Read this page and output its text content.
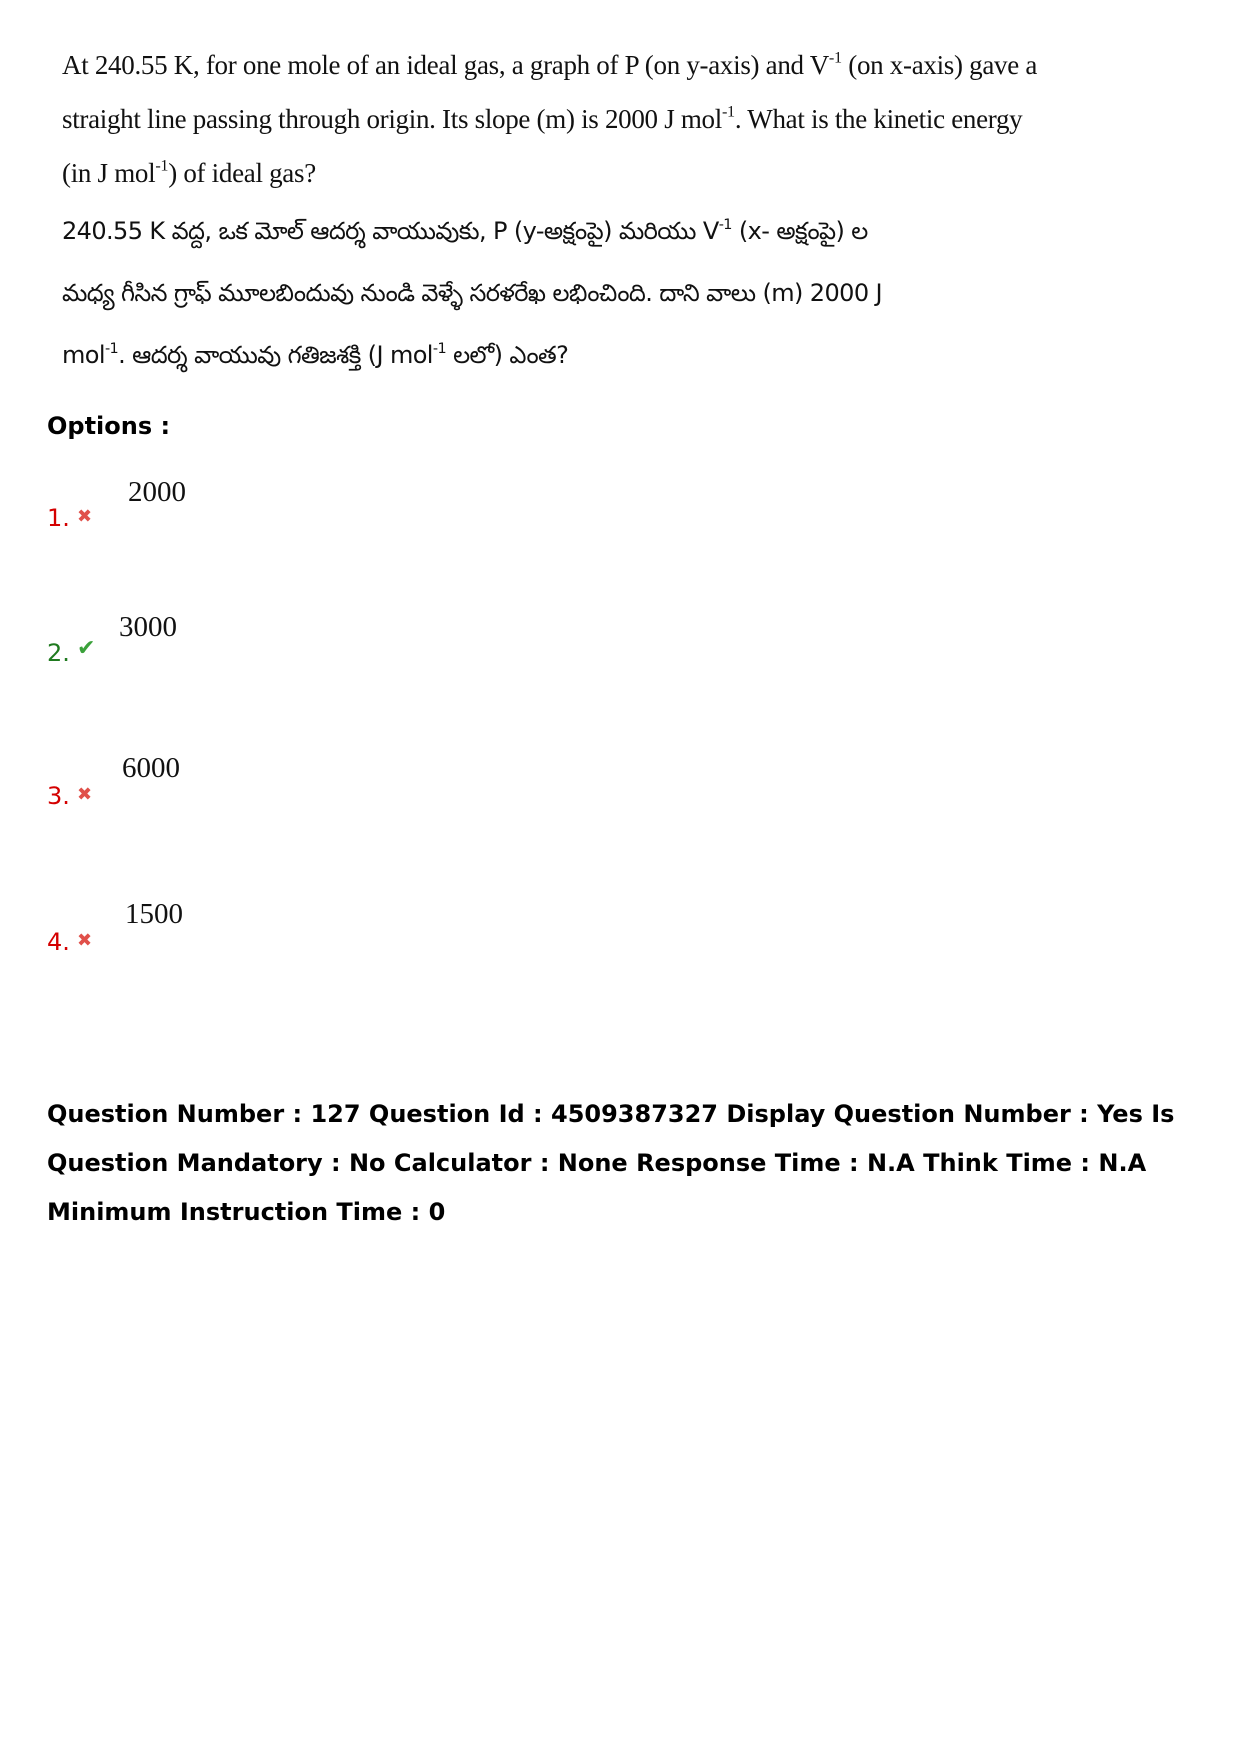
At 240.55 K, for one mole of an ideal gas, a graph of P (on y-axis) and $V^{-1}$ (on x-axis) gave a
straight line passing through origin. Its slope (m) is 2000 J mol$^{-1}$. What is the kinetic energy
(in J mol$^{-1}$) of ideal gas?
240.55 K వద్ద, ఒక మోల్ ఆదర్శ వాయువుకు, P (y-అక్షంపై) మరియు $V^{-1}$ (x- అక్షంపై) ల
మధ్య గీసిన గ్రాఫ్ మూలబిందువు నుండి వెళ్ళే సరళరేఖ లభించింది. దాని వాలు (m) 2000 J
mol$^{-1}$. ఆదర్శ వాయువు గతిజశక్తి (J mol$^{-1}$ లలో) ఎంత?
Options :
1. ✖
2000
2. ✔
3000
3. ✖
6000
4. ✖
1500
Question Number : 127 Question Id : 4509387327 Display Question Number : Yes Is Question Mandatory : No Calculator : None Response Time : N.A Think Time : N.A Minimum Instruction Time : 0
